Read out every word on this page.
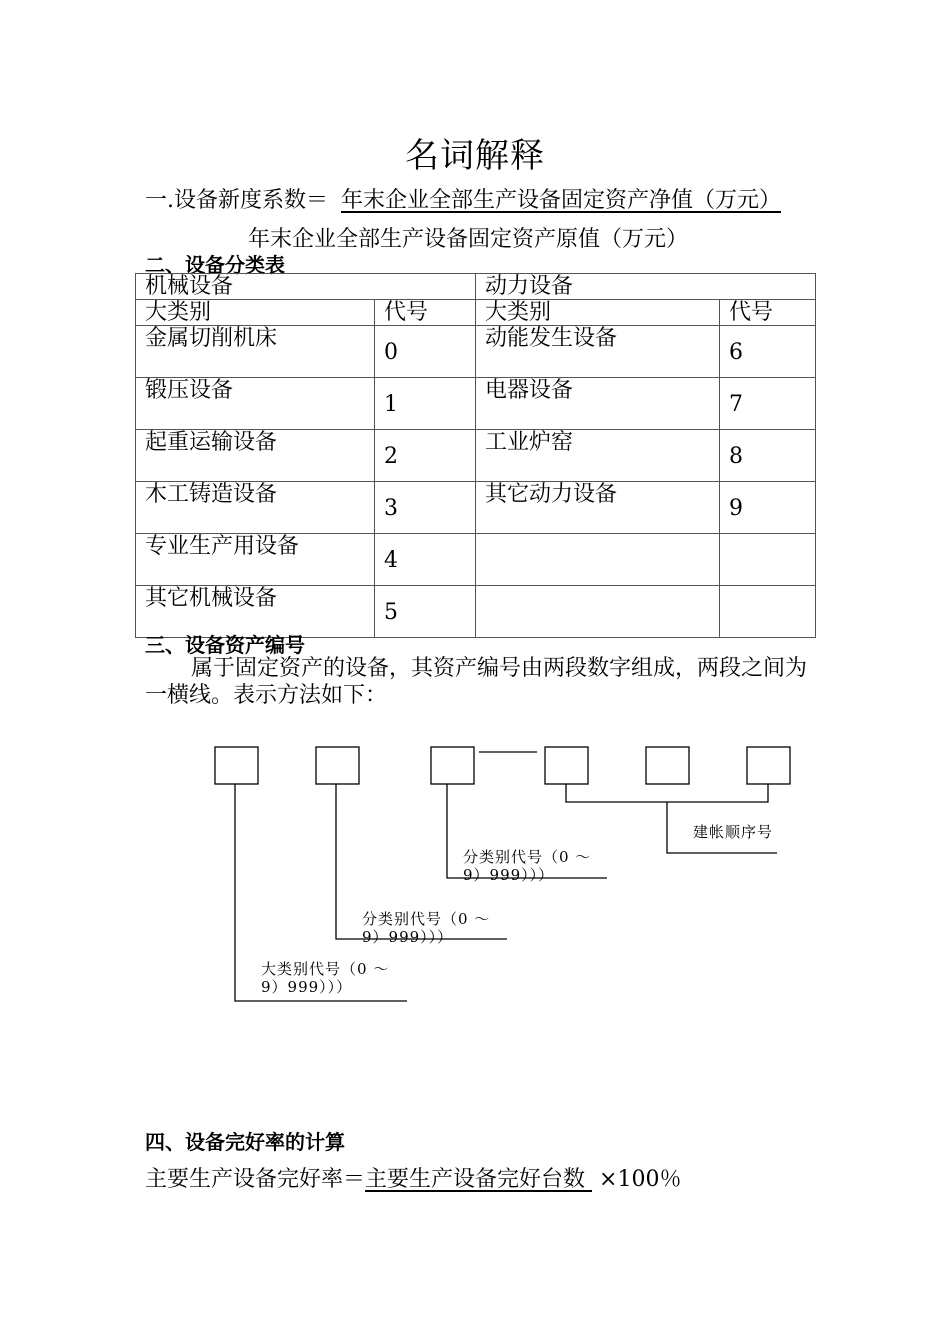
名词解释
一.设备新度系数＝ 年末企业全部生产设备固定资产净值（万元）
年末企业全部生产设备固定资产原值（万元）
二、设备分类表
机械设备		动力设备	
大类别	代号	大类别	代号
金属切削机床	0	动能发生设备	6
锻压设备	1	电器设备	7
起重运输设备	2	工业炉窑	8
木工铸造设备	3	其它动力设备	9
专业生产用设备	4		
其它机械设备	5		
三、设备资产编号
属于固定资产的设备，其资产编号由两段数字组成，两段之间为一横线。表示方法如下：
建帐顺序号
分类别代号（0 ～
9）999）））
分类别代号（0 ～
9）999）））
大类别代号（0 ～
9）999）））
四、设备完好率的计算
主要生产设备完好率＝主要生产设备完好台数 ×100％
